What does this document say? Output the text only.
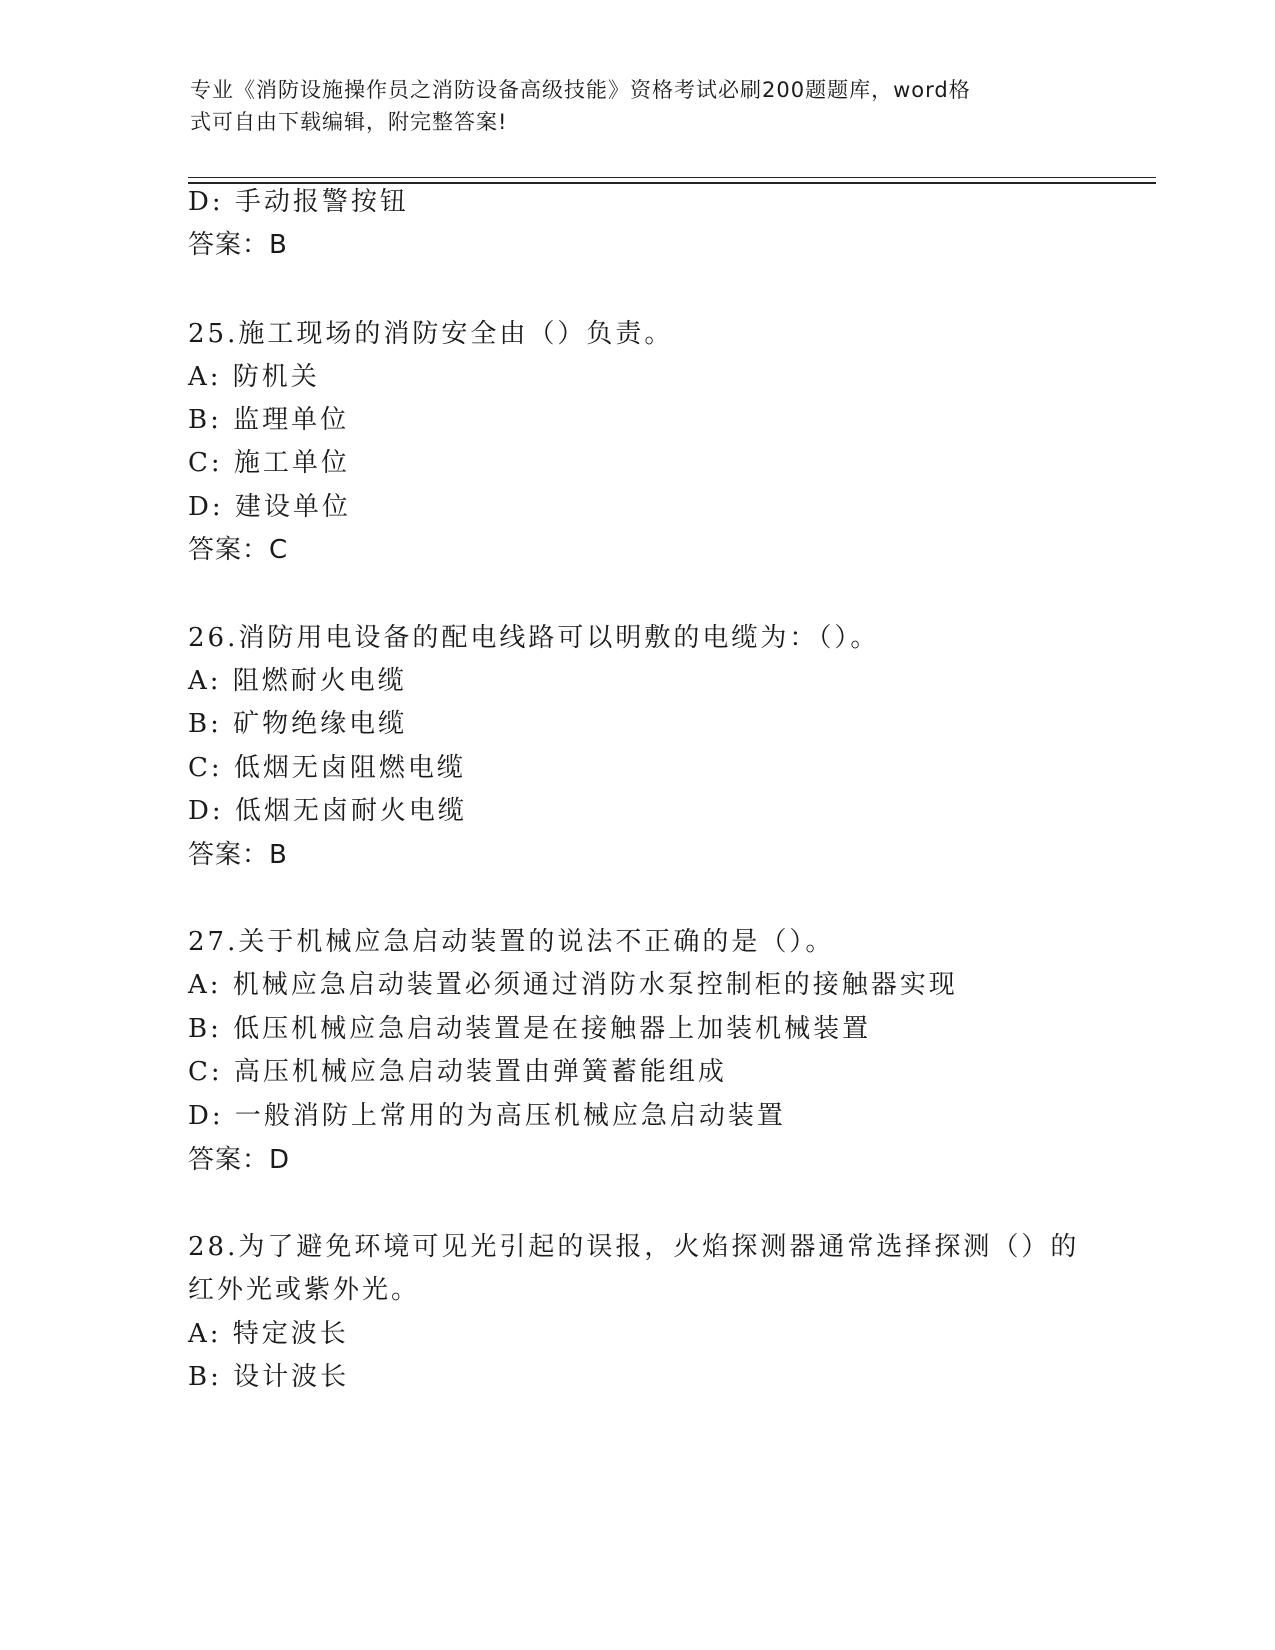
专业《消防设施操作员之消防设备高级技能》资格考试必刷200题题库，word格
式可自由下载编辑，附完整答案!
D: 手动报警按钮
答案：B
25.施工现场的消防安全由（）负责。
A: 防机关
B: 监理单位
C: 施工单位
D: 建设单位
答案：C
26.消防用电设备的配电线路可以明敷的电缆为：（）。
A: 阻燃耐火电缆
B: 矿物绝缘电缆
C: 低烟无卤阻燃电缆
D: 低烟无卤耐火电缆
答案：B
27.关于机械应急启动装置的说法不正确的是（）。
A: 机械应急启动装置必须通过消防水泵控制柜的接触器实现
B: 低压机械应急启动装置是在接触器上加装机械装置
C: 高压机械应急启动装置由弹簧蓄能组成
D: 一般消防上常用的为高压机械应急启动装置
答案：D
28.为了避免环境可见光引起的误报，火焰探测器通常选择探测（）的
红外光或紫外光。
A: 特定波长
B: 设计波长
